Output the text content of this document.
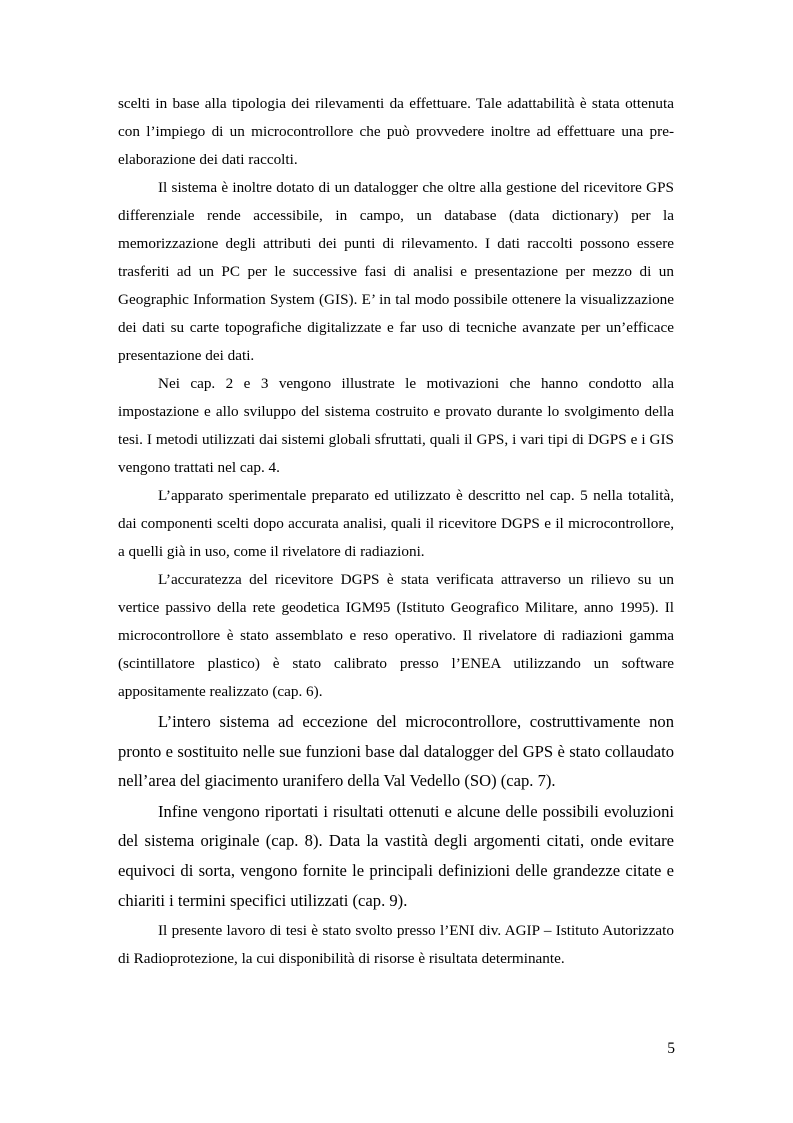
scelti in base alla tipologia dei rilevamenti da effettuare. Tale adattabilità è stata ottenuta con l’impiego di un microcontrollore che può provvedere inoltre ad effettuare una pre-elaborazione dei dati raccolti.

Il sistema è inoltre dotato di un datalogger che oltre alla gestione del ricevitore GPS differenziale rende accessibile, in campo, un database (data dictionary) per la memorizzazione degli attributi dei punti di rilevamento. I dati raccolti possono essere trasferiti ad un PC per le successive fasi di analisi e presentazione per mezzo di un Geographic Information System (GIS). E’ in tal modo possibile ottenere la visualizzazione dei dati su carte topografiche digitalizzate e far uso di tecniche avanzate per un’efficace presentazione dei dati.

Nei cap. 2 e 3 vengono illustrate le motivazioni che hanno condotto alla impostazione e allo sviluppo del sistema costruito e provato durante lo svolgimento della tesi. I metodi utilizzati dai sistemi globali sfruttati, quali il GPS, i vari tipi di DGPS e i GIS vengono trattati nel cap. 4.

L’apparato sperimentale preparato ed utilizzato è descritto nel cap. 5 nella totalità, dai componenti scelti dopo accurata analisi, quali il ricevitore DGPS e il microcontrollore, a quelli già in uso, come il rivelatore di radiazioni.

L’accuratezza del ricevitore DGPS è stata verificata attraverso un rilievo su un vertice passivo della rete geodetica IGM95 (Istituto Geografico Militare, anno 1995). Il microcontrollore è stato assemblato e reso operativo. Il rivelatore di radiazioni gamma (scintillatore plastico) è stato calibrato presso l’ENEA utilizzando un software appositamente realizzato (cap. 6).

L’intero sistema ad eccezione del microcontrollore, costruttivamente non pronto e sostituito nelle sue funzioni base dal datalogger del GPS è stato collaudato nell’area del giacimento uranifero della Val Vedello (SO) (cap. 7).

Infine vengono riportati i risultati ottenuti e alcune delle possibili evoluzioni del sistema originale (cap. 8). Data la vastità degli argomenti citati, onde evitare equivoci di sorta, vengono fornite le principali definizioni delle grandezze citate e chiariti i termini specifici utilizzati (cap. 9).

Il presente lavoro di tesi è stato svolto presso l’ENI div. AGIP – Istituto Autorizzato di Radioprotezione, la cui disponibilità di risorse è risultata determinante.

5
